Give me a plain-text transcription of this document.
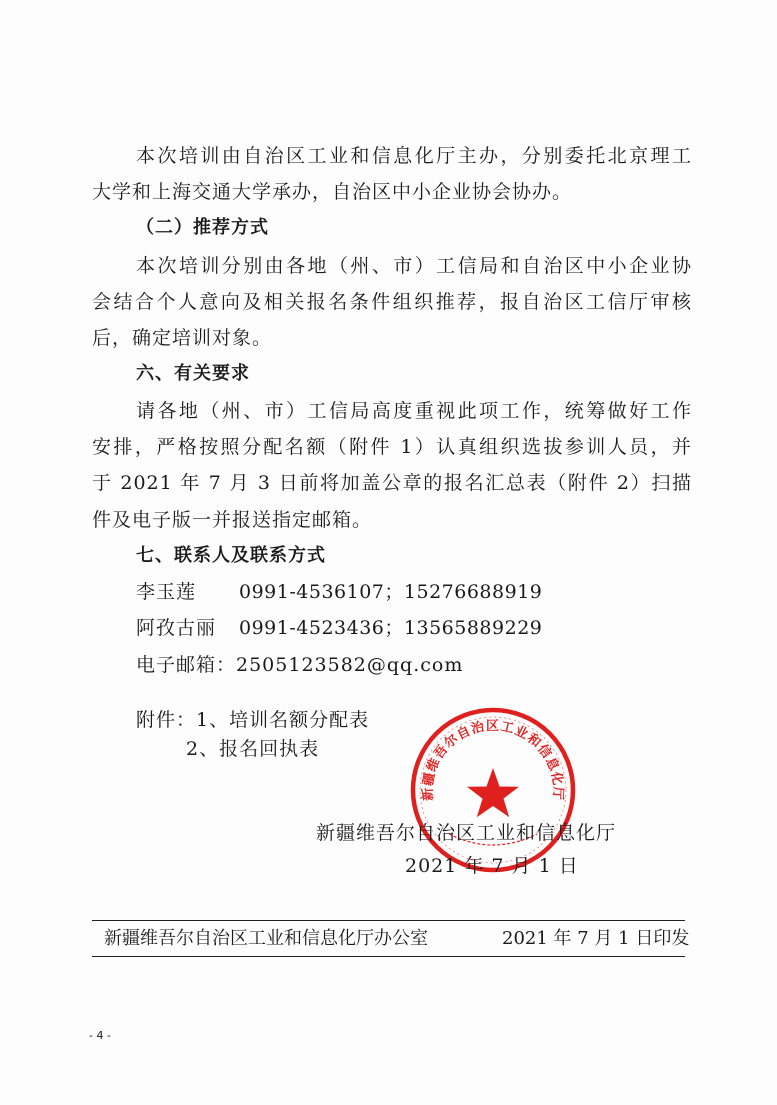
本次培训由自治区工业和信息化厅主办，分别委托北京理工
大学和上海交通大学承办，自治区中小企业协会协办。
（二）推荐方式
本次培训分别由各地（州、市）工信局和自治区中小企业协
会结合个人意向及相关报名条件组织推荐，报自治区工信厅审核
后，确定培训对象。
六、有关要求
请各地（州、市）工信局高度重视此项工作，统筹做好工作
安排，严格按照分配名额（附件 1）认真组织选拔参训人员，并
于 2021 年 7 月 3 日前将加盖公章的报名汇总表（附件 2）扫描
件及电子版一并报送指定邮箱。
七、联系人及联系方式
李玉莲 0991-4536107；15276688919
阿孜古丽 0991-4523436；13565889229
电子邮箱：2505123582@qq.com
附件：1、培训名额分配表
2、报名回执表
新疆维吾尔自治区工业和信息化厅
新疆维吾尔自治区工业和信息化厅
2021 年 7 月 1 日
新疆维吾尔自治区工业和信息化厅办公室	2021 年 7 月 1 日印发
- 4 -
